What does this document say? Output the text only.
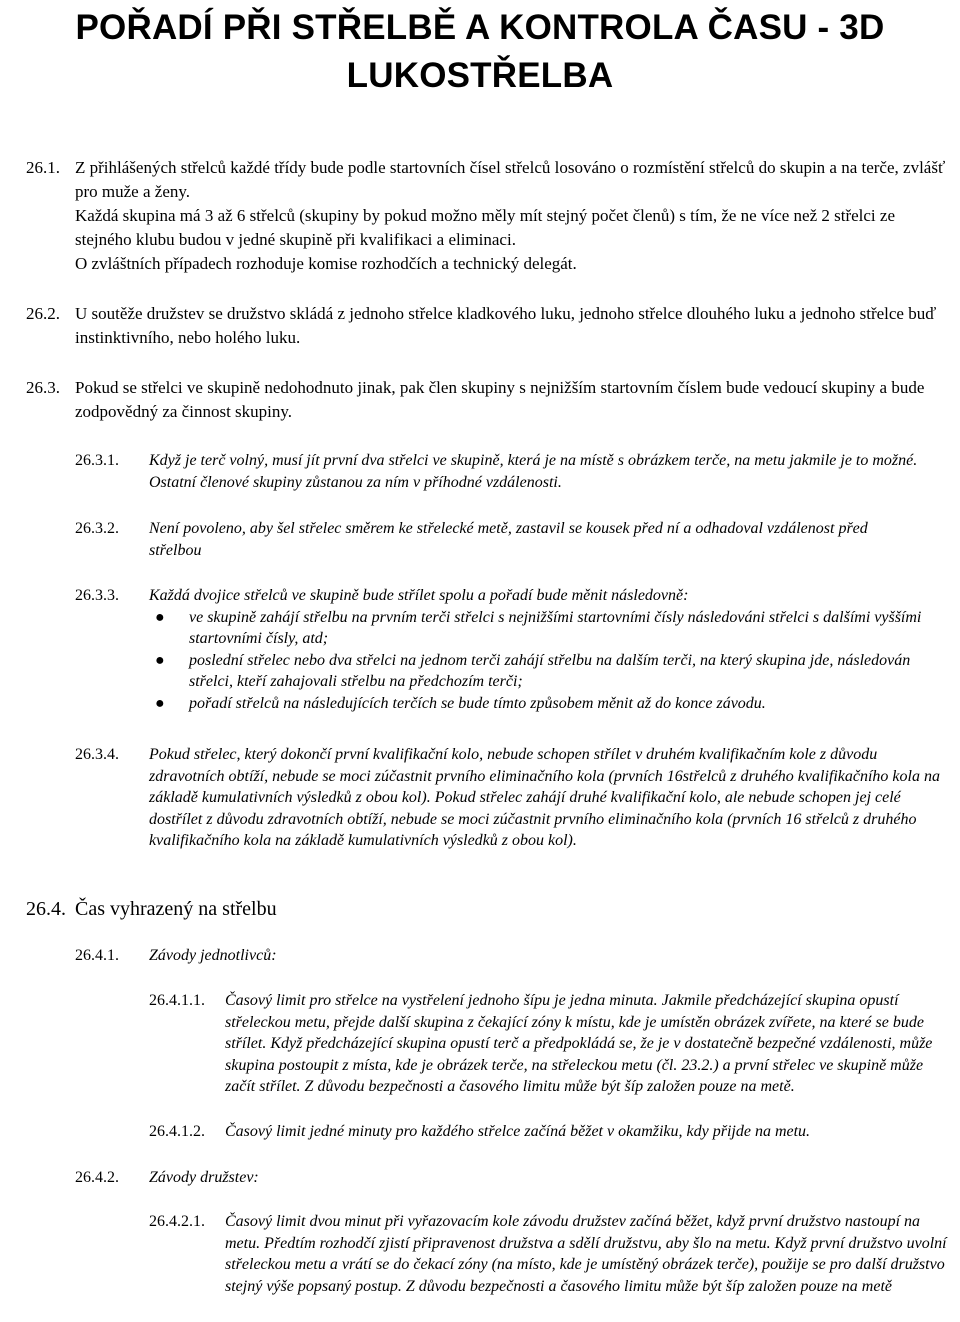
POŘADÍ PŘI STŘELBĚ A KONTROLA ČASU - 3D LUKOSTŘELBA
26.1. Z přihlášených střelců každé třídy bude podle startovních čísel střelců losováno o rozmístění střelců do skupin a na terče, zvlášť pro muže a ženy.

Každá skupina má 3 až 6 střelců (skupiny by pokud možno měly mít stejný počet členů) s tím, že ne více než 2 střelci ze stejného klubu budou v jedné skupině při kvalifikaci a eliminaci.

O zvláštních případech rozhoduje komise rozhodčích a technický delegát.

26.2. U soutěže družstev se družstvo skládá z jednoho střelce kladkového luku, jednoho střelce dlouhého luku a jednoho střelce buď instinktivního, nebo holého luku.
26.3. Pokud se střelci ve skupině nedohodnuto jinak, pak člen skupiny s nejnižším startovním číslem bude vedoucí skupiny a bude zodpovědný za činnost skupiny.
26.3.1. Když je terč volný, musí jít první dva střelci ve skupině, která je na místě s obrázkem terče, na metu jakmile je to možné. Ostatní členové skupiny zůstanou za ním v příhodné vzdálenosti.
26.3.2. Není povoleno, aby šel střelec směrem ke střelecké metě, zastavil se kousek před ní a odhadoval vzdálenost před střelbou
26.3.3. Každá dvojice střelců ve skupině bude střílet spolu a pořadí bude měnit následovně:

● ve skupině zahájí střelbu na prvním terči střelci s nejnižšími startovními čísly následováni střelci s dalšími vyššími startovními čísly, atd;
● poslední střelec nebo dva střelci na jednom terči zahájí střelbu na dalším terči, na který skupina jde, následován střelci, kteří zahajovali střelbu na předchozím terči;
● pořadí střelců na následujících terčích se bude tímto způsobem měnit až do konce závodu.
26.3.4. Pokud střelec, který dokončí první kvalifikační kolo, nebude schopen střílet v druhém kvalifikačním kole z důvodu zdravotních obtíží, nebude se moci zúčastnit prvního eliminačního kola (prvních 16střelců z druhého kvalifikačního kola na základě kumulativních výsledků z obou kol). Pokud střelec zahájí druhé kvalifikační kolo, ale nebude schopen jej celé dostřílet z důvodu zdravotních obtíží, nebude se moci zúčastnit prvního eliminačního kola (prvních 16 střelců z druhého kvalifikačního kola na základě kumulativních výsledků z obou kol).
26.4. Čas vyhrazený na střelbu
26.4.1. Závody jednotlivců:
26.4.1.1. Časový limit pro střelce na vystřelení jednoho šípu je jedna minuta. Jakmile předcházející skupina opustí střeleckou metu, přejde další skupina z čekající zóny k místu, kde je umístěn obrázek zvířete, na které se bude střílet. Když předcházející skupina opustí terč a předpokládá se, že je v dostatečně bezpečné vzdálenosti, může skupina postoupit z místa, kde je obrázek terče, na střeleckou metu (čl. 23.2.) a první střelec ve skupině může začít střílet. Z důvodu bezpečnosti a časového limitu může být šíp založen pouze na metě.
26.4.1.2. Časový limit jedné minuty pro každého střelce začíná běžet v okamžiku, kdy přijde na metu.
26.4.2. Závody družstev:
26.4.2.1. Časový limit dvou minut při vyřazovacím kole závodu družstev začíná běžet, když první družstvo nastoupí na metu. Předtím rozhodčí zjistí připravenost družstva a sdělí družstvu, aby šlo na metu. Když první družstvo uvolní střeleckou metu a vrátí se do čekací zóny (na místo, kde je umístěný obrázek terče), použije se pro další družstvo stejný výše popsaný postup. Z důvodu bezpečnosti a časového limitu může být šíp založen pouze na metě
